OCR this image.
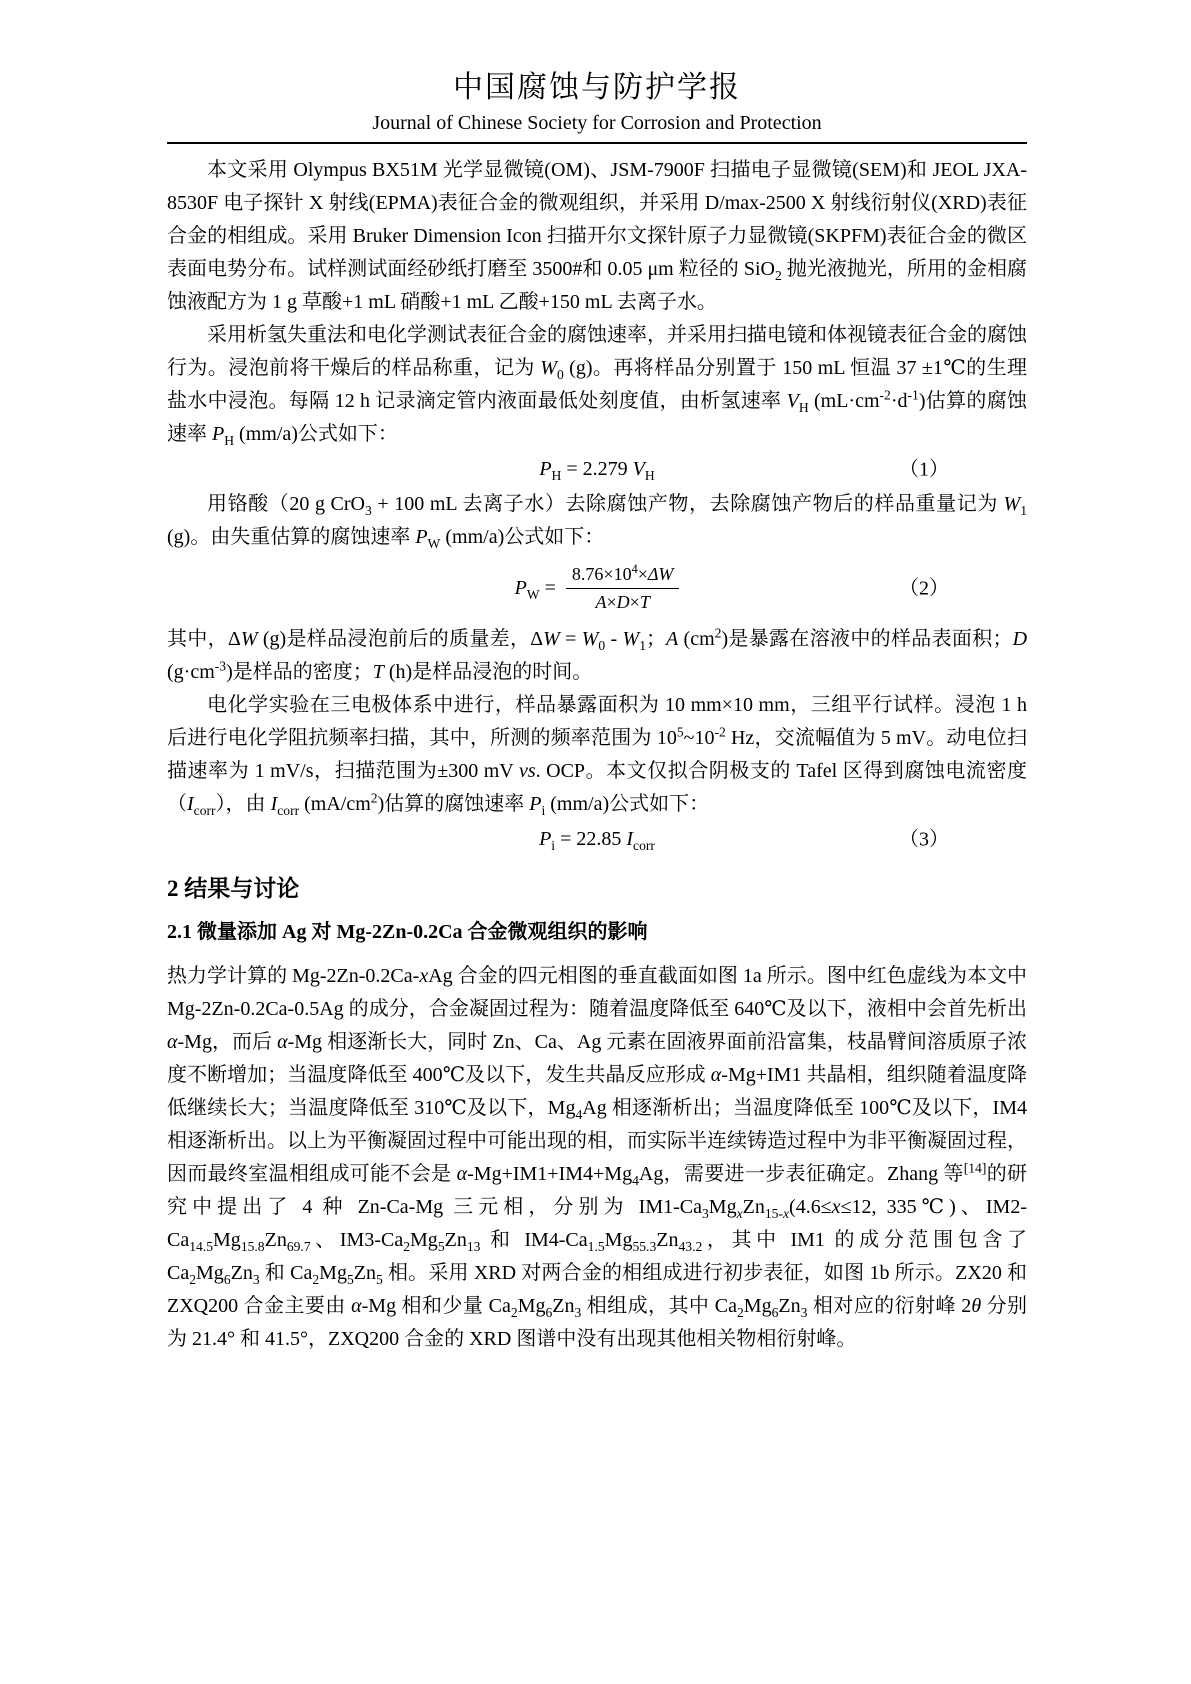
中国腐蚀与防护学报
Journal of Chinese Society for Corrosion and Protection

本文采用 Olympus BX51M 光学显微镜(OM)、JSM-7900F 扫描电子显微镜(SEM)和 JEOL JXA-8530F 电子探针 X 射线(EPMA)表征合金的微观组织，并采用 D/max-2500 X 射线衍射仪(XRD)表征合金的相组成。采用 Bruker Dimension Icon 扫描开尔文探针原子力显微镜(SKPFM)表征合金的微区表面电势分布。试样测试面经砂纸打磨至 3500#和 0.05 μm 粒径的 SiO$_2$ 抛光液抛光，所用的金相腐蚀液配方为 1 g 草酸+1 mL 硝酸+1 mL 乙酸+150 mL 去离子水。

采用析氢失重法和电化学测试表征合金的腐蚀速率，并采用扫描电镜和体视镜表征合金的腐蚀行为。浸泡前将干燥后的样品称重，记为 $W_0$ (g)。再将样品分别置于 150 mL 恒温 37 ±1℃的生理盐水中浸泡。每隔 12 h 记录滴定管内液面最低处刻度值，由析氢速率 $V_H$ $(mL\cdot cm^{-2}\cdot d^{-1})$估算的腐蚀速率 $P_H$ (mm/a)公式如下：

$P_H = 2.279$ $V_H$	（1）

用铬酸（20 g CrO$_3$ + 100 mL 去离子水）去除腐蚀产物，去除腐蚀产物后的样品重量记为 $W_1$ (g)。由失重估算的腐蚀速率 $P_W$ (mm/a)公式如下：

$P_W = \frac{8.76\times 10^4\times\Delta W}{A\times D\times T}$	（2）

其中，ΔW (g)是样品浸泡前后的质量差，$\Delta W = W_0 - W_1$；A $(cm^2)$是暴露在溶液中的样品表面积；D $(g\cdot cm^{-3})$是样品的密度；T (h)是样品浸泡的时间。

电化学实验在三电极体系中进行，样品暴露面积为 10 mm×10 mm，三组平行试样。浸泡 1 h 后进行电化学阻抗频率扫描，其中，所测的频率范围为 $10^5\sim 10^{-2}$ Hz，交流幅值为 5 mV。动电位扫描速率为 1 mV/s，扫描范围为±300 mV vs. OCP。本文仅拟合阴极支的 Tafel 区得到腐蚀电流密度$(I_{corr})$，由 $I_{corr}$ $(mA/cm^2)$估算的腐蚀速率 $P_i$ (mm/a)公式如下：

$P_i = 22.85$ $I_{corr}$	（3）
2 结果与讨论
2.1 微量添加 Ag 对 Mg-2Zn-0.2Ca 合金微观组织的影响

热力学计算的 Mg-2Zn-0.2Ca-xAg 合金的四元相图的垂直截面如图 1a 所示。图中红色虚线为本文中 Mg-2Zn-0.2Ca-0.5Ag 的成分，合金凝固过程为：随着温度降低至 640℃及以下，液相中会首先析出 α-Mg，而后 α-Mg 相逐渐长大，同时 Zn、Ca、Ag 元素在固液界面前沿富集，枝晶臂间溶质原子浓度不断增加；当温度降低至 400℃及以下，发生共晶反应形成 α-Mg+IM1 共晶相，组织随着温度降低继续长大；当温度降低至 310℃及以下，$Mg_4Ag$ 相逐渐析出；当温度降低至 100℃及以下，IM4 相逐渐析出。以上为平衡凝固过程中可能出现的相，而实际半连续铸造过程中为非平衡凝固过程，因而最终室温相组成可能不会是 $\alpha-Mg+IM1+IM4+Mg_4Ag$，需要进一步表征确定。Zhang 等[14]的研究中提出了 4 种 Zn-Ca-Mg 三元相，分别为 $IM1-Ca_3Mg_xZn_{15-x}(4.6\le x\le 12$, 335℃)、$IM2-Ca_{14.5}Mg_{15.8}Zn_{69.7}$、$IM3-Ca_2Mg_5Zn_{13}$ 和 $IM4-Ca_{1.5}Mg_{55.3}Zn_{43.2}$，其中 IM1 的成分范围包含了 $Ca_2Mg_6Zn_3$ 和 $Ca_2Mg_5Zn_5$ 相。采用 XRD 对两合金的相组成进行初步表征，如图 1b 所示。ZX20 和 ZXQ200 合金主要由 α-Mg 相和少量 $Ca_2Mg_6Zn_3$ 相组成，其中 $Ca_2Mg_6Zn_3$ 相对应的衍射峰 2θ 分别为 21.4° 和 41.5°，ZXQ200 合金的 XRD 图谱中没有出现其他相关物相衍射峰。
